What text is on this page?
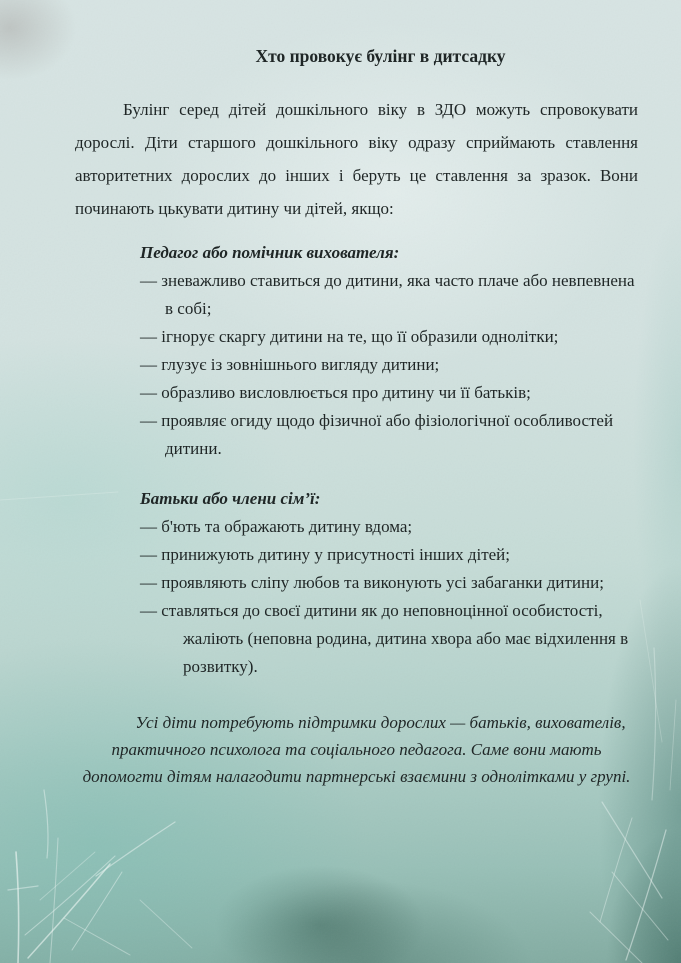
Хто провокує булінг в дитсадку

Булінг серед дітей дошкільного віку в ЗДО можуть спровокувати дорослі. Діти старшого дошкільного віку одразу сприймають ставлення авторитетних дорослих до інших і беруть це ставлення за зразок. Вони починають цькувати дитину чи дітей, якщо:

Педагог або помічник вихователя:

— зневажливо ставиться до дитини, яка часто плаче або невпевнена в собі;

— ігнорує скаргу дитини на те, що її образили однолітки;

— глузує із зовнішнього вигляду дитини;

— образливо висловлюється про дитину чи її батьків;

— проявляє огиду щодо фізичної або фізіологічної особливостей дитини.

Батьки або члени сім’ї:

— б'ють та ображають дитину вдома;

— принижують дитину у присутності інших дітей;

— проявляють сліпу любов та виконують усі забаганки дитини;

— ставляться до своєї дитини як до неповноцінної особистості, жаліють (неповна родина, дитина хвора або має відхилення в розвитку).

Усі діти потребують підтримки дорослих — батьків, вихователів, практичного психолога та соціального педагога. Саме вони мають допомогти дітям налагодити партнерські взаємини з однолітками у групі.
